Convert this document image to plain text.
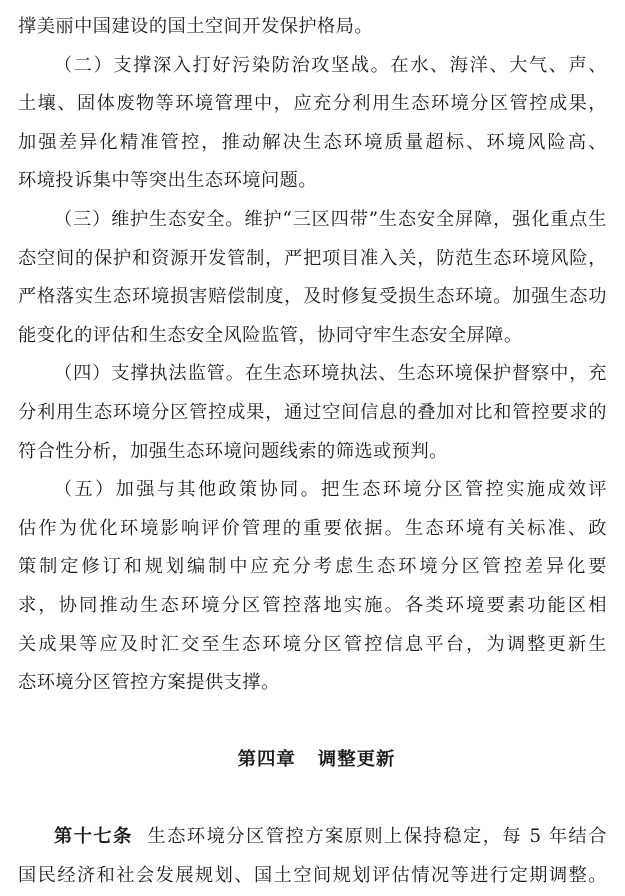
撑美丽中国建设的国土空间开发保护格局。
（二）支撑深入打好污染防治攻坚战。在水、海洋、大气、声、
土壤、固体废物等环境管理中，应充分利用生态环境分区管控成果，
加强差异化精准管控，推动解决生态环境质量超标、环境风险高、
环境投诉集中等突出生态环境问题。
（三）维护生态安全。维护“三区四带”生态安全屏障，强化重点生
态空间的保护和资源开发管制，严把项目准入关，防范生态环境风险，
严格落实生态环境损害赔偿制度，及时修复受损生态环境。加强生态功
能变化的评估和生态安全风险监管，协同守牢生态安全屏障。
（四）支撑执法监管。在生态环境执法、生态环境保护督察中，充
分利用生态环境分区管控成果，通过空间信息的叠加对比和管控要求的
符合性分析，加强生态环境问题线索的筛选或预判。
（五）加强与其他政策协同。把生态环境分区管控实施成效评
估作为优化环境影响评价管理的重要依据。生态环境有关标准、政
策制定修订和规划编制中应充分考虑生态环境分区管控差异化要
求，协同推动生态环境分区管控落地实施。各类环境要素功能区相
关成果等应及时汇交至生态环境分区管控信息平台，为调整更新生
态环境分区管控方案提供支撑。
第四章 调整更新
第十七条 生态环境分区管控方案原则上保持稳定，每 5 年结合
国民经济和社会发展规划、国土空间规划评估情况等进行定期调整。
